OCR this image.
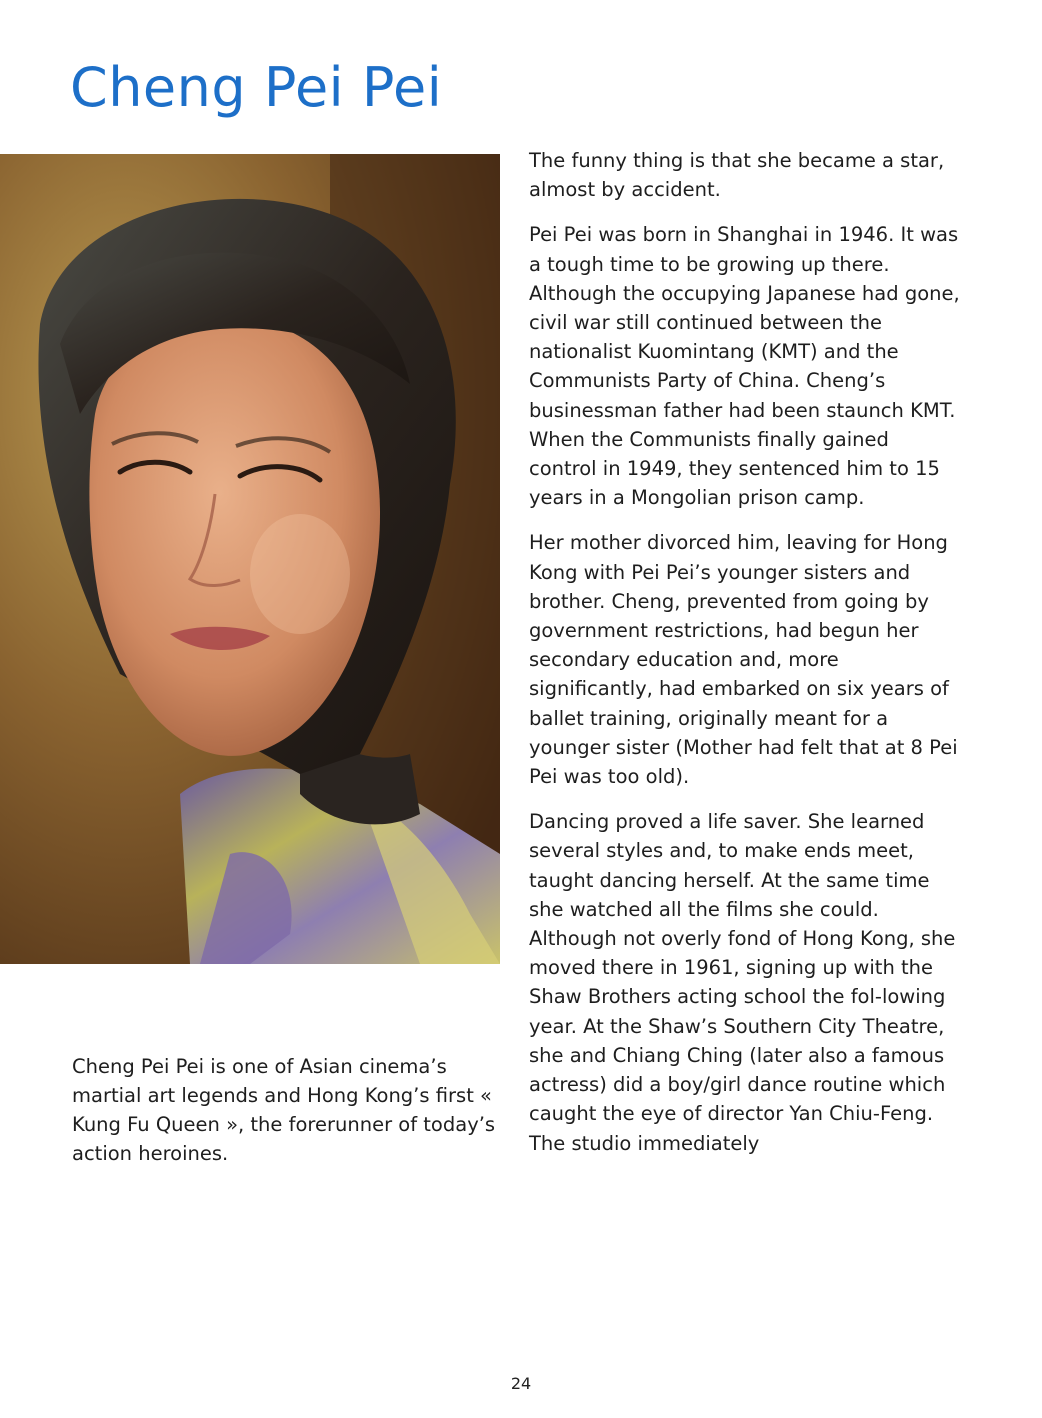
Cheng Pei Pei

Cheng Pei Pei is one of Asian cinema’s martial art legends and Hong Kong’s first « Kung Fu Queen », the forerunner of today’s action heroines.

The funny thing is that she became a star, almost by accident.

Pei Pei was born in Shanghai in 1946. It was a tough time to be growing up there. Although the occupying Japanese had gone, civil war still continued between the nationalist Kuomintang (KMT) and the Communists Party of China. Cheng’s businessman father had been staunch KMT. When the Communists finally gained control in 1949, they sentenced him to 15 years in a Mongolian prison camp.

Her mother divorced him, leaving for Hong Kong with Pei Pei’s younger sisters and brother. Cheng, prevented from going by government restrictions, had begun her secondary education and, more significantly, had embarked on six years of ballet training, originally meant for a younger sister (Mother had felt that at 8 Pei Pei was too old).

Dancing proved a life saver. She learned several styles and, to make ends meet, taught dancing herself. At the same time she watched all the films she could. Although not overly fond of Hong Kong, she moved there in 1961, signing up with the Shaw Brothers acting school the fol-lowing year. At the Shaw’s Southern City Theatre, she and Chiang Ching (later also a famous actress) did a boy/girl dance routine which caught the eye of director Yan Chiu-Feng. The studio immediately

24
